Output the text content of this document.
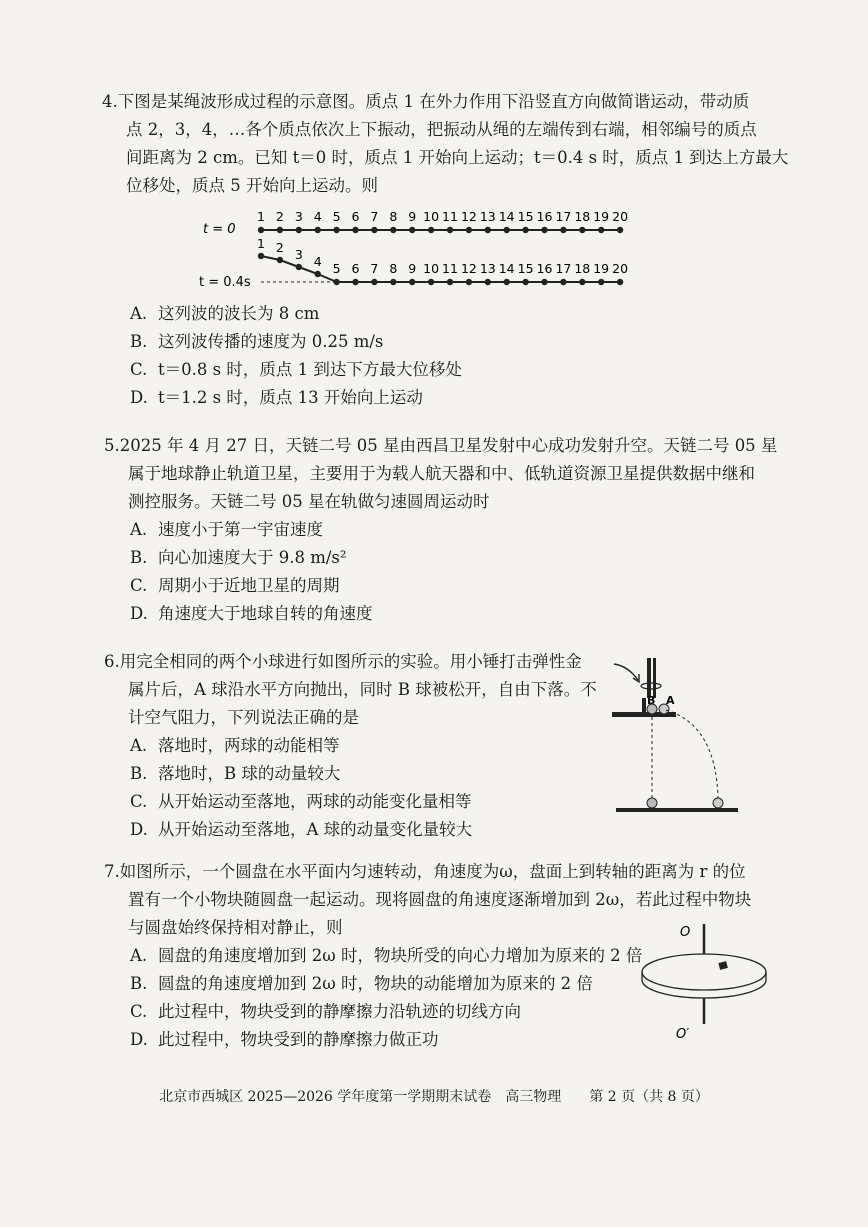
4.下图是某绳波形成过程的示意图。质点 1 在外力作用下沿竖直方向做简谐运动，带动质
点 2，3，4，…各个质点依次上下振动，把振动从绳的左端传到右端，相邻编号的质点
间距离为 2 cm。已知 t＝0 时，质点 1 开始向上运动；t＝0.4 s 时，质点 1 到达上方最大
位移处，质点 5 开始向上运动。则
t = 0
t = 0.4s
1 2 3 4 5 6 7 8 9 10 11 12 13 14 15 16 17 18 19 20
1 2 3 4 5 6 7 8 9 10 11 12 13 14 15 16 17 18 19 20
A. 这列波的波长为 8 cm
B. 这列波传播的速度为 0.25 m/s
C. t＝0.8 s 时，质点 1 到达下方最大位移处
D. t＝1.2 s 时，质点 13 开始向上运动
5.2025 年 4 月 27 日，天链二号 05 星由西昌卫星发射中心成功发射升空。天链二号 05 星
属于地球静止轨道卫星，主要用于为载人航天器和中、低轨道资源卫星提供数据中继和
测控服务。天链二号 05 星在轨做匀速圆周运动时
A. 速度小于第一宇宙速度
B. 向心加速度大于 9.8 m/s²
C. 周期小于近地卫星的周期
D. 角速度大于地球自转的角速度
6.用完全相同的两个小球进行如图所示的实验。用小锤打击弹性金
属片后，A 球沿水平方向抛出，同时 B 球被松开，自由下落。不
计空气阻力，下列说法正确的是
A. 落地时，两球的动能相等
B. 落地时，B 球的动量较大
C. 从开始运动至落地，两球的动能变化量相等
D. 从开始运动至落地，A 球的动量变化量较大
B A
7.如图所示，一个圆盘在水平面内匀速转动，角速度为ω，盘面上到转轴的距离为 r 的位
置有一个小物块随圆盘一起运动。现将圆盘的角速度逐渐增加到 2ω，若此过程中物块
与圆盘始终保持相对静止，则
A. 圆盘的角速度增加到 2ω 时，物块所受的向心力增加为原来的 2 倍
B. 圆盘的角速度增加到 2ω 时，物块的动能增加为原来的 2 倍
C. 此过程中，物块受到的静摩擦力沿轨迹的切线方向
D. 此过程中，物块受到的静摩擦力做正功
O
O′
北京市西城区 2025—2026 学年度第一学期期末试卷　高三物理　　第 2 页（共 8 页）
